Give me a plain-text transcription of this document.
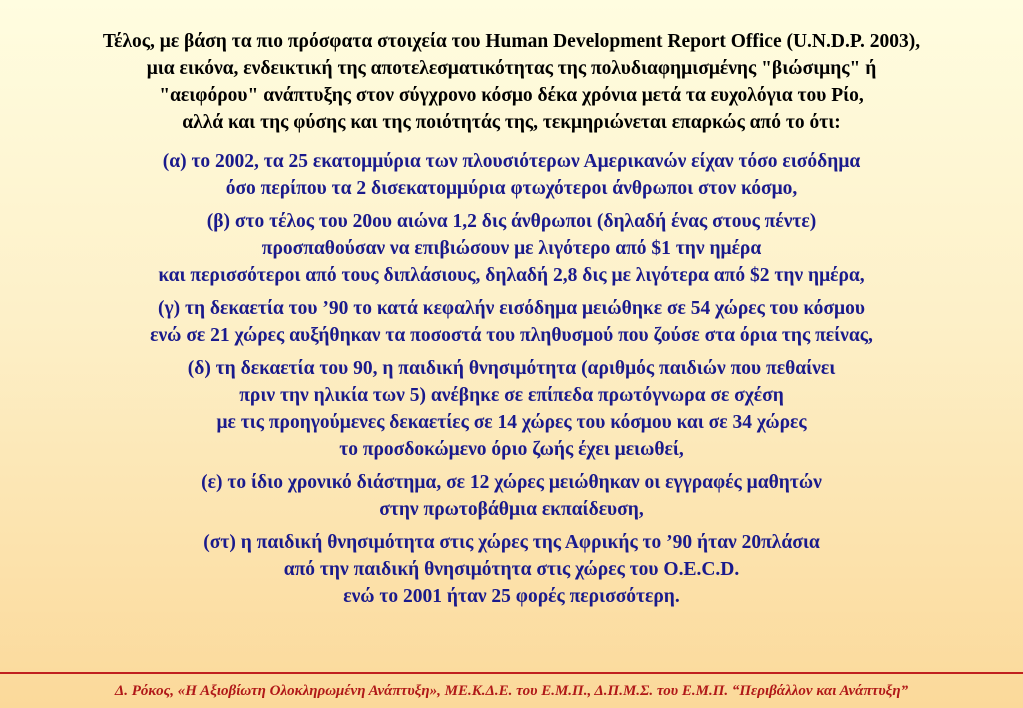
Τέλος, με βάση τα πιο πρόσφατα στοιχεία του Human Development Report Office (U.N.D.P. 2003),
μια εικόνα, ενδεικτική της αποτελεσματικότητας της πολυδιαφημισμένης "βιώσιμης" ή
"αειφόρου" ανάπτυξης στον σύγχρονο κόσμο δέκα χρόνια μετά τα ευχολόγια του Ρίο,
αλλά και της φύσης και της ποιότητάς της, τεκμηριώνεται επαρκώς από το ότι:
(α) το 2002, τα 25 εκατομμύρια των πλουσιότερων Αμερικανών είχαν τόσο εισόδημα
όσο περίπου τα 2 δισεκατομμύρια φτωχότεροι άνθρωποι στον κόσμο,
(β) στο τέλος του 20ου αιώνα 1,2 δις άνθρωποι (δηλαδή ένας στους πέντε)
προσπαθούσαν να επιβιώσουν με λιγότερο από $1 την ημέρα
και περισσότεροι από τους διπλάσιους, δηλαδή 2,8 δις με λιγότερα από $2 την ημέρα,
(γ) τη δεκαετία του ’90 το κατά κεφαλήν εισόδημα μειώθηκε σε 54 χώρες του κόσμου
ενώ σε 21 χώρες αυξήθηκαν τα ποσοστά του πληθυσμού που ζούσε στα όρια της πείνας,
(δ) τη δεκαετία του 90, η παιδική θνησιμότητα (αριθμός παιδιών που πεθαίνει
πριν την ηλικία των 5) ανέβηκε σε επίπεδα πρωτόγνωρα σε σχέση
με τις προηγούμενες δεκαετίες σε 14 χώρες του κόσμου και σε 34 χώρες
το προσδοκώμενο όριο ζωής έχει μειωθεί,
(ε) το ίδιο χρονικό διάστημα, σε 12 χώρες μειώθηκαν οι εγγραφές μαθητών
στην πρωτοβάθμια εκπαίδευση,
(στ) η παιδική θνησιμότητα στις χώρες της Αφρικής το ’90 ήταν 20πλάσια
από την παιδική θνησιμότητα στις χώρες του O.E.C.D.
ενώ το 2001 ήταν 25 φορές περισσότερη.
Δ. Ρόκος, «Η Αξιοβίωτη Ολοκληρωμένη Ανάπτυξη», ΜΕ.Κ.Δ.Ε. του Ε.Μ.Π., Δ.Π.Μ.Σ. του Ε.Μ.Π. “Περιβάλλον και Ανάπτυξη”
